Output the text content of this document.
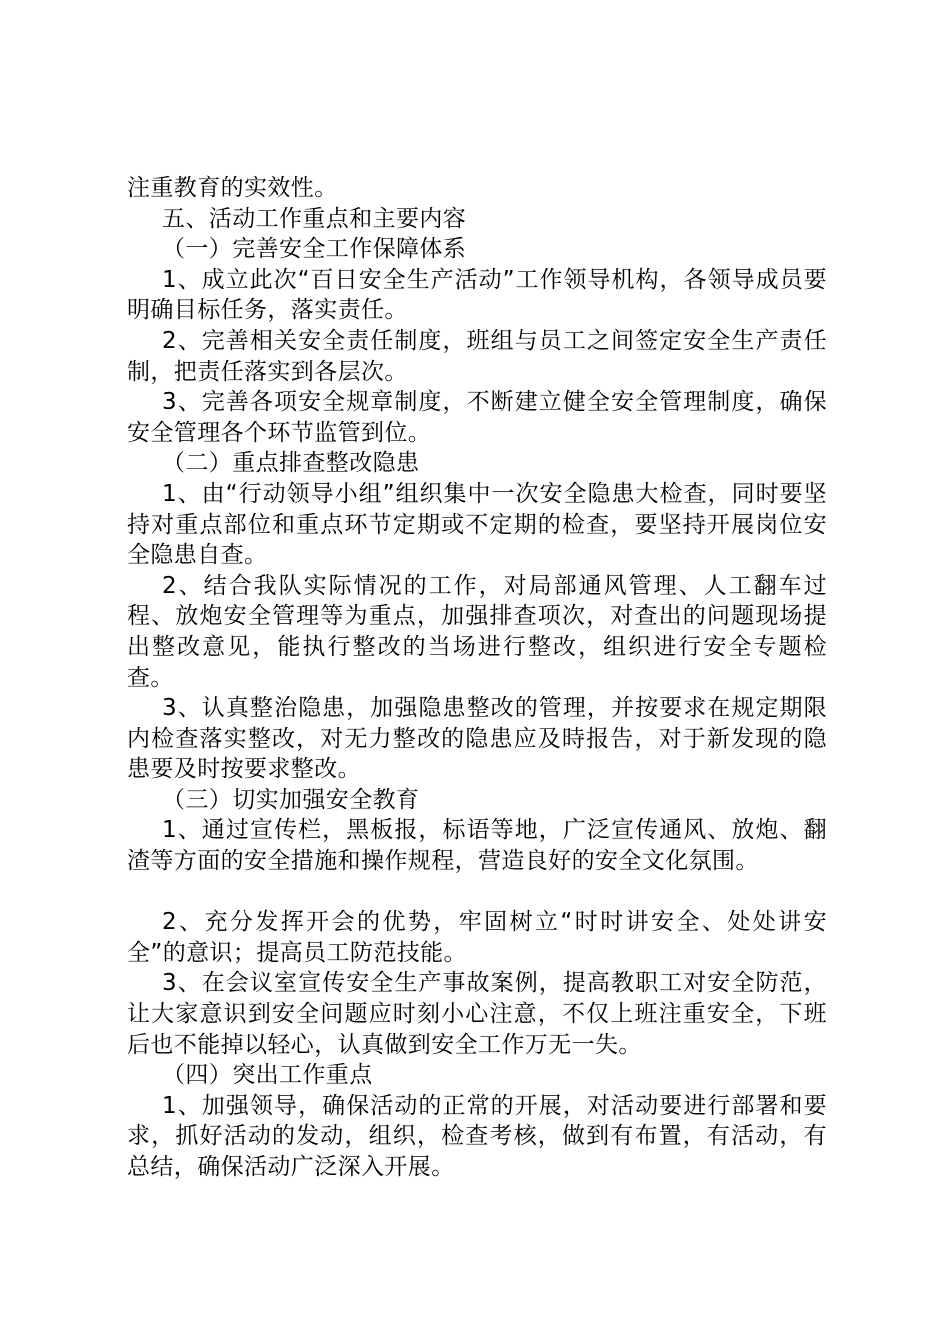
注重教育的实效性。

五、活动工作重点和主要内容

（一）完善安全工作保障体系

1、成立此次“百日安全生产活动”工作领导机构，各领导成员要明确目标任务，落实责任。

2、完善相关安全责任制度，班组与员工之间签定安全生产责任制，把责任落实到各层次。

3、完善各项安全规章制度，不断建立健全安全管理制度，确保安全管理各个环节监管到位。

（二）重点排查整改隐患

1、由“行动领导小组”组织集中一次安全隐患大检查，同时要坚持对重点部位和重点环节定期或不定期的检查，要坚持开展岗位安全隐患自查。

2、结合我队实际情况的工作，对局部通风管理、人工翻车过程、放炮安全管理等为重点，加强排查项次，对查出的问题现场提出整改意见，能执行整改的当场进行整改，组织进行安全专题检查。

3、认真整治隐患，加强隐患整改的管理，并按要求在规定期限内检查落实整改，对无力整改的隐患应及時报告，对于新发现的隐患要及时按要求整改。

（三）切实加强安全教育

1、通过宣传栏，黑板报，标语等地，广泛宣传通风、放炮、翻渣等方面的安全措施和操作规程，营造良好的安全文化氛围。

2、充分发挥开会的优势，牢固树立“时时讲安全、处处讲安全”的意识；提高员工防范技能。

3、在会议室宣传安全生产事故案例，提高教职工对安全防范，让大家意识到安全问题应时刻小心注意，不仅上班注重安全，下班后也不能掉以轻心，认真做到安全工作万无一失。

（四）突出工作重点

1、加强领导，确保活动的正常的开展，对活动要进行部署和要求，抓好活动的发动，组织，检查考核，做到有布置，有活动，有总结，确保活动广泛深入开展。
